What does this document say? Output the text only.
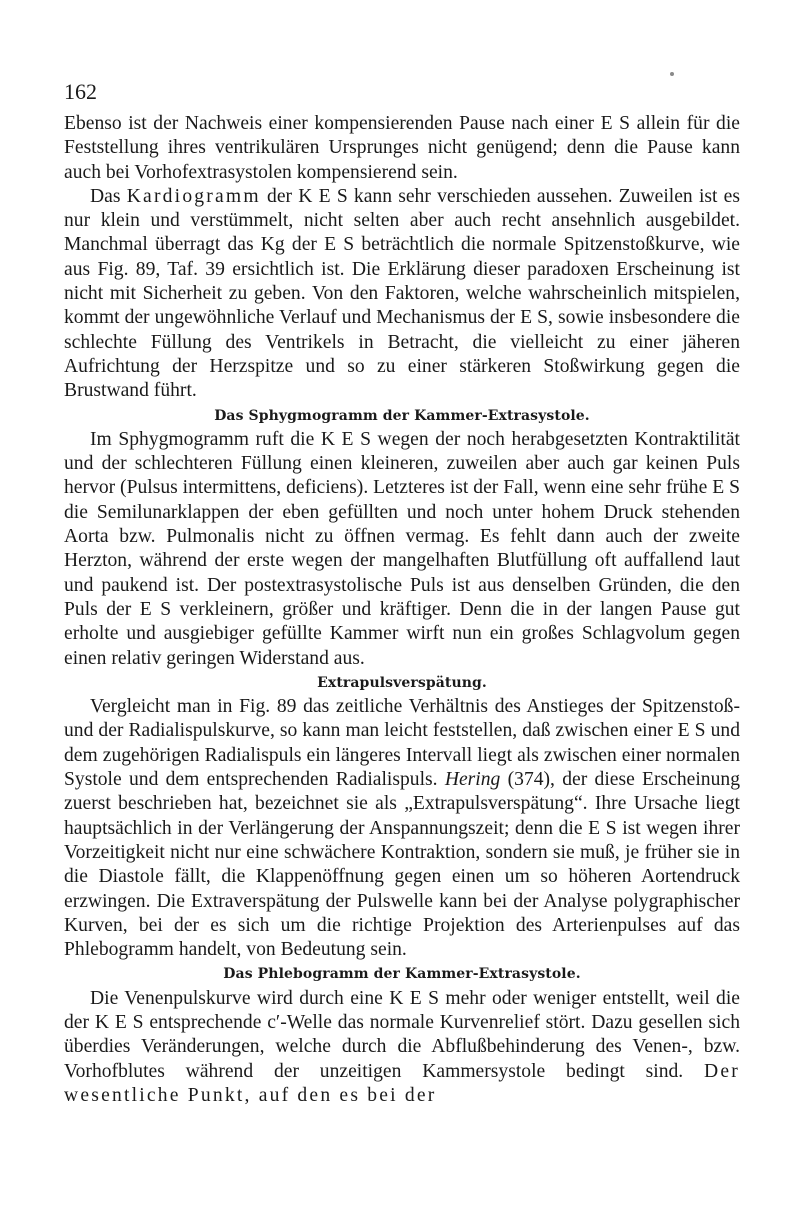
162

Ebenso ist der Nachweis einer kompensierenden Pause nach einer E S allein für die Feststellung ihres ventrikulären Ursprunges nicht genügend; denn die Pause kann auch bei Vorhofextrasystolen kompensierend sein.

Das Kardiogramm der K E S kann sehr verschieden aussehen. Zuweilen ist es nur klein und verstümmelt, nicht selten aber auch recht ansehnlich ausgebildet. Manchmal überragt das Kg der E S beträchtlich die normale Spitzenstoßkurve, wie aus Fig. 89, Taf. 39 ersichtlich ist. Die Erklärung dieser paradoxen Erscheinung ist nicht mit Sicherheit zu geben. Von den Faktoren, welche wahrscheinlich mitspielen, kommt der ungewöhnliche Verlauf und Mechanismus der E S, sowie insbesondere die schlechte Füllung des Ventrikels in Betracht, die vielleicht zu einer jäheren Aufrichtung der Herzspitze und so zu einer stärkeren Stoßwirkung gegen die Brustwand führt.

Das Sphygmogramm der Kammer-Extrasystole.

Im Sphygmogramm ruft die K E S wegen der noch herabgesetzten Kontraktilität und der schlechteren Füllung einen kleineren, zuweilen aber auch gar keinen Puls hervor (Pulsus intermittens, deficiens). Letzteres ist der Fall, wenn eine sehr frühe E S die Semilunarklappen der eben gefüllten und noch unter hohem Druck stehenden Aorta bzw. Pulmonalis nicht zu öffnen vermag. Es fehlt dann auch der zweite Herzton, während der erste wegen der mangelhaften Blutfüllung oft auffallend laut und paukend ist. Der postextrasystolische Puls ist aus denselben Gründen, die den Puls der E S verkleinern, größer und kräftiger. Denn die in der langen Pause gut erholte und ausgiebiger gefüllte Kammer wirft nun ein großes Schlagvolum gegen einen relativ geringen Widerstand aus.

Extrapulsverspätung.

Vergleicht man in Fig. 89 das zeitliche Verhältnis des Anstieges der Spitzenstoß- und der Radialispulskurve, so kann man leicht feststellen, daß zwischen einer E S und dem zugehörigen Radialispuls ein längeres Intervall liegt als zwischen einer normalen Systole und dem entsprechenden Radialispuls. Hering (374), der diese Erscheinung zuerst beschrieben hat, bezeichnet sie als „Extrapulsverspätung“. Ihre Ursache liegt hauptsächlich in der Verlängerung der Anspannungszeit; denn die E S ist wegen ihrer Vorzeitigkeit nicht nur eine schwächere Kontraktion, sondern sie muß, je früher sie in die Diastole fällt, die Klappenöffnung gegen einen um so höheren Aortendruck erzwingen. Die Extraverspätung der Pulswelle kann bei der Analyse polygraphischer Kurven, bei der es sich um die richtige Projektion des Arterienpulses auf das Phlebogramm handelt, von Bedeutung sein.

Das Phlebogramm der Kammer-Extrasystole.

Die Venenpulskurve wird durch eine K E S mehr oder weniger entstellt, weil die der K E S entsprechende c′-Welle das normale Kurvenrelief stört. Dazu gesellen sich überdies Veränderungen, welche durch die Abflußbehinderung des Venen-, bzw. Vorhofblutes während der unzeitigen Kammersystole bedingt sind. Der wesentliche Punkt, auf den es bei der
